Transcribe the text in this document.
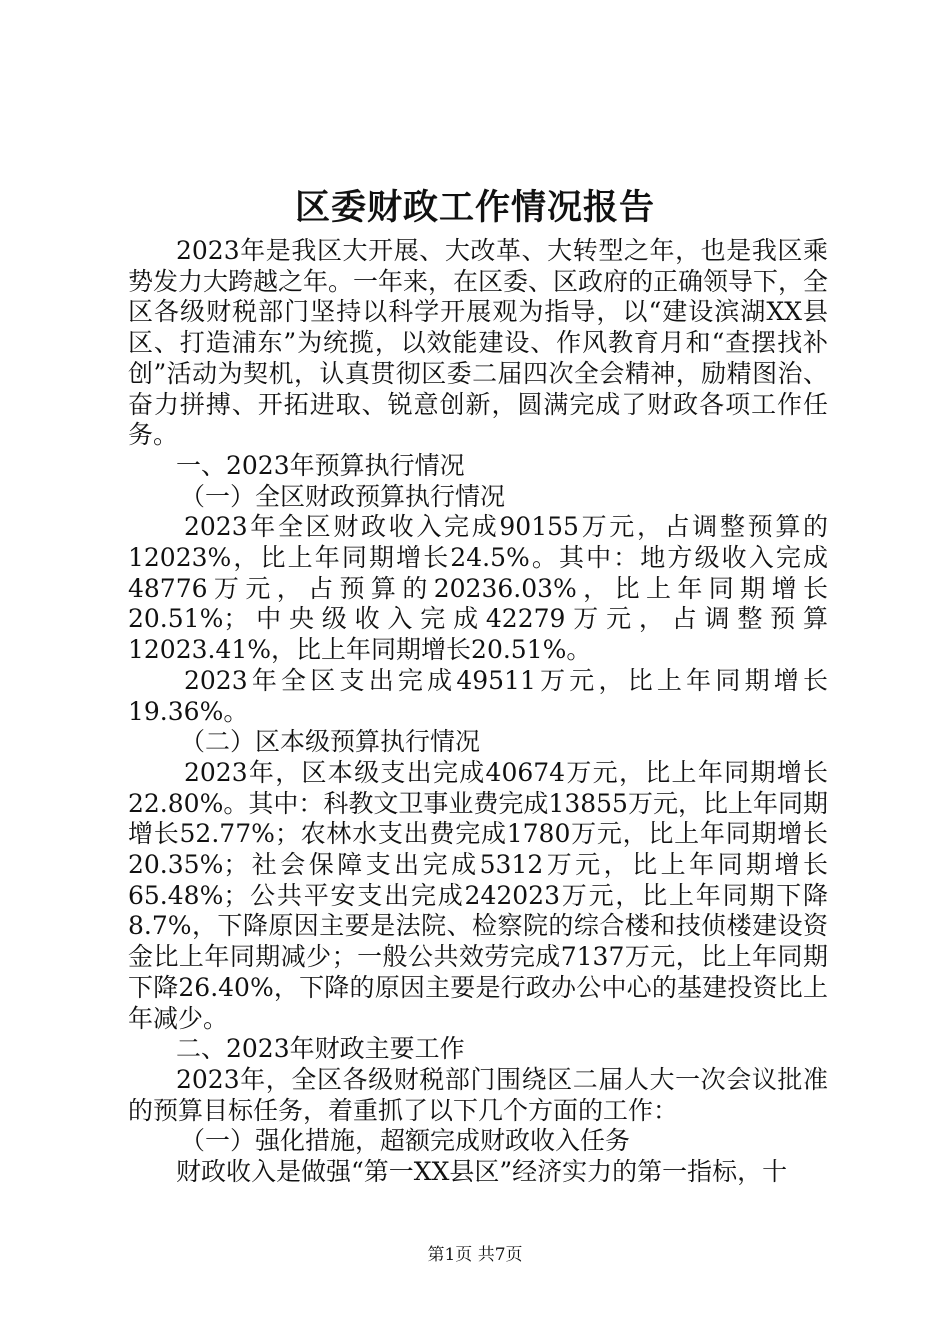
区委财政工作情况报告

2023年是我区大开展、大改革、大转型之年，也是我区乘势发力大跨越之年。一年来，在区委、区政府的正确领导下，全区各级财税部门坚持以科学开展观为指导，以“建设滨湖XX县区、打造浦东”为统揽，以效能建设、作风教育月和“查摆找补创”活动为契机，认真贯彻区委二届四次全会精神，励精图治、奋力拼搏、开拓进取、锐意创新，圆满完成了财政各项工作任务。

一、2023年预算执行情况

（一）全区财政预算执行情况

2023年全区财政收入完成90155万元，占调整预算的12023%，比上年同期增长24.5%。其中：地方级收入完成48776万元，占预算的20236.03%，比上年同期增长20.51%；中央级收入完成42279万元，占调整预算12023.41%，比上年同期增长20.51%。

2023年全区支出完成49511万元，比上年同期增长19.36%。

（二）区本级预算执行情况

2023年，区本级支出完成40674万元，比上年同期增长22.80%。其中：科教文卫事业费完成13855万元，比上年同期增长52.77%；农林水支出费完成1780万元，比上年同期增长20.35%；社会保障支出完成5312万元，比上年同期增长65.48%；公共平安支出完成242023万元，比上年同期下降8.7%，下降原因主要是法院、检察院的综合楼和技侦楼建设资金比上年同期减少；一般公共效劳完成7137万元，比上年同期下降26.40%，下降的原因主要是行政办公中心的基建投资比上年减少。

二、2023年财政主要工作

2023年，全区各级财税部门围绕区二届人大一次会议批准的预算目标任务，着重抓了以下几个方面的工作：

（一）强化措施，超额完成财政收入任务

财政收入是做强“第一XX县区”经济实力的第一指标，十

第1页 共7页
